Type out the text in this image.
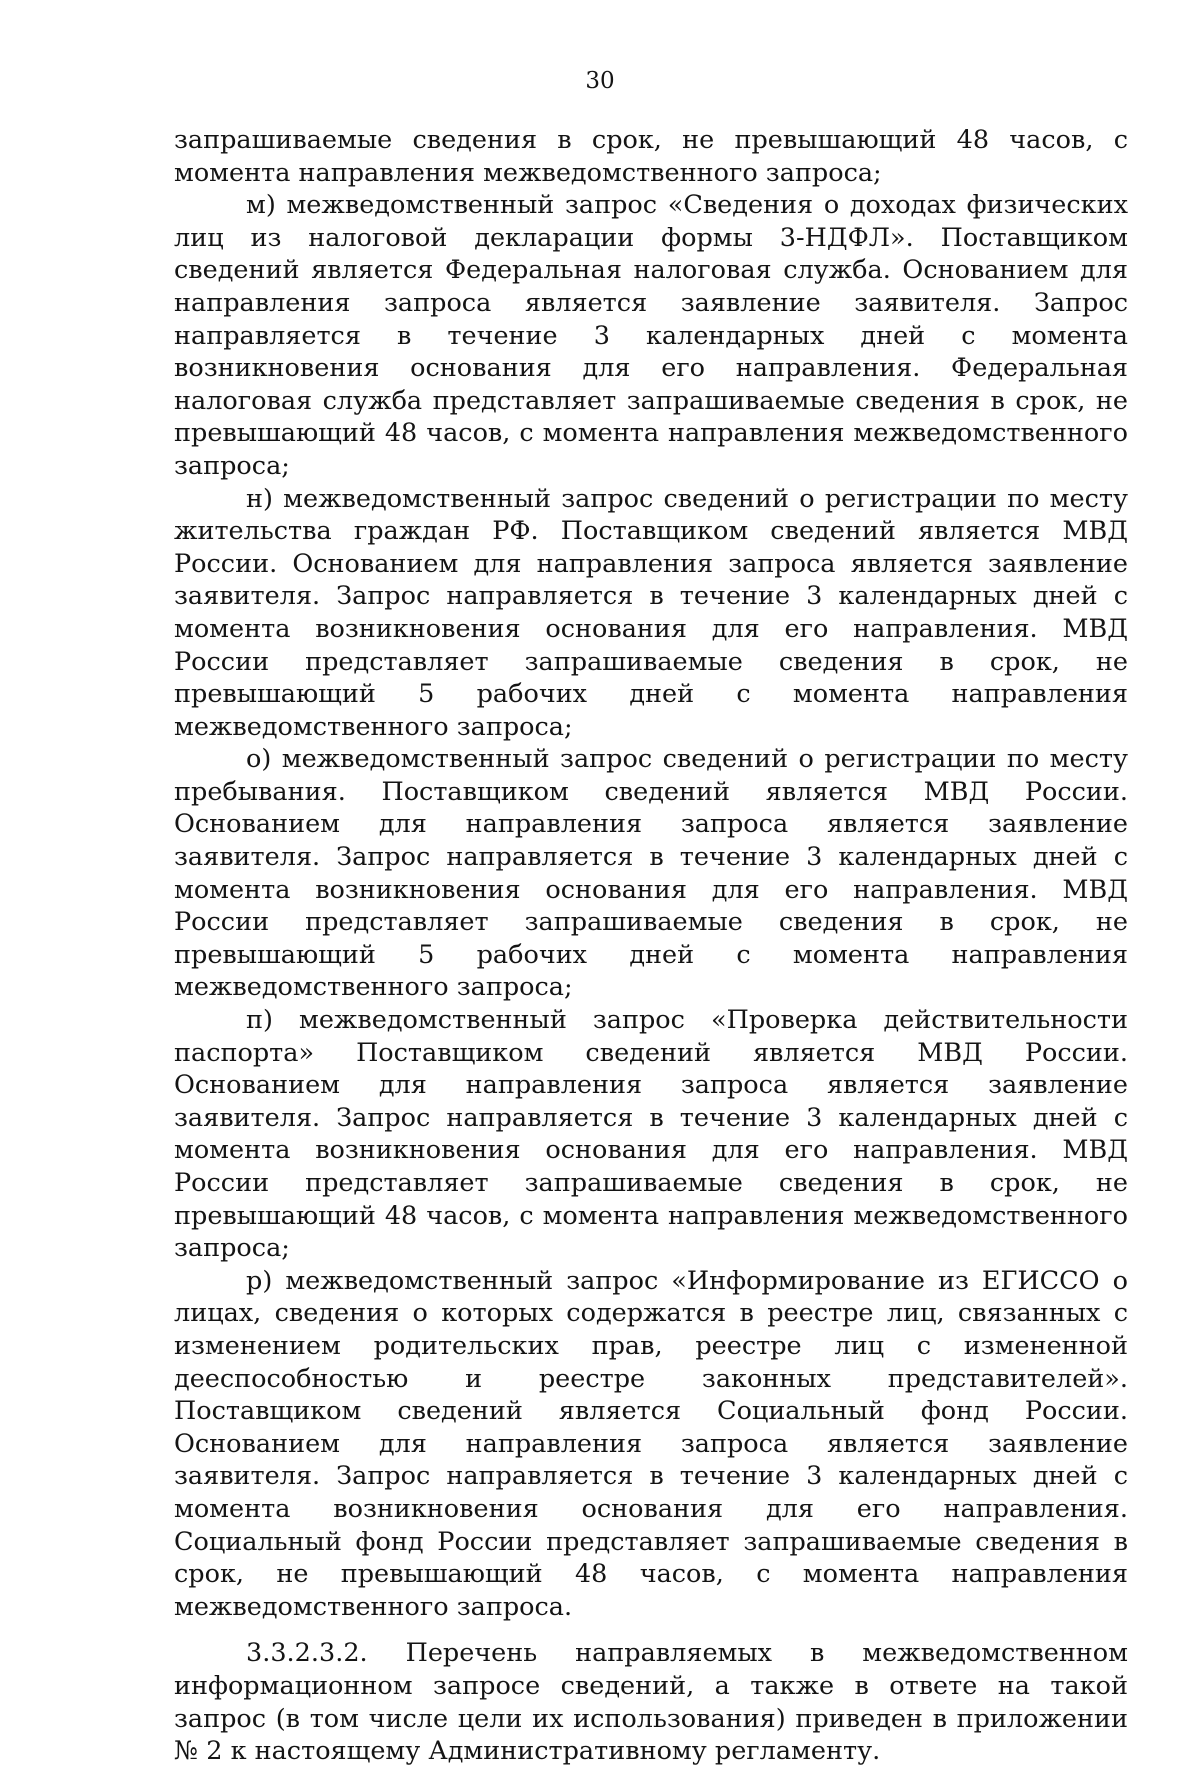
30

запрашиваемые сведения в срок, не превышающий 48 часов, с момента направления межведомственного запроса;

м) межведомственный запрос «Сведения о доходах физических лиц из налоговой декларации формы 3-НДФЛ». Поставщиком сведений является Федеральная налоговая служба. Основанием для направления запроса является заявление заявителя. Запрос направляется в течение 3 календарных дней с момента возникновения основания для его направления. Федеральная налоговая служба представляет запрашиваемые сведения в срок, не превышающий 48 часов, с момента направления межведомственного запроса;

н) межведомственный запрос сведений о регистрации по месту жительства граждан РФ. Поставщиком сведений является МВД России. Основанием для направления запроса является заявление заявителя. Запрос направляется в течение 3 календарных дней с момента возникновения основания для его направления. МВД России представляет запрашиваемые сведения в срок, не превышающий 5 рабочих дней с момента направления межведомственного запроса;

о) межведомственный запрос сведений о регистрации по месту пребывания. Поставщиком сведений является МВД России. Основанием для направления запроса является заявление заявителя. Запрос направляется в течение 3 календарных дней с момента возникновения основания для его направления. МВД России представляет запрашиваемые сведения в срок, не превышающий 5 рабочих дней с момента направления межведомственного запроса;

п) межведомственный запрос «Проверка действительности паспорта» Поставщиком сведений является МВД России. Основанием для направления запроса является заявление заявителя. Запрос направляется в течение 3 календарных дней с момента возникновения основания для его направления. МВД России представляет запрашиваемые сведения в срок, не превышающий 48 часов, с момента направления межведомственного запроса;

р) межведомственный запрос «Информирование из ЕГИССО о лицах, сведения о которых содержатся в реестре лиц, связанных с изменением родительских прав, реестре лиц с измененной дееспособностью и реестре законных представителей». Поставщиком сведений является Социальный фонд России. Основанием для направления запроса является заявление заявителя. Запрос направляется в течение 3 календарных дней с момента возникновения основания для его направления. Социальный фонд России представляет запрашиваемые сведения в срок, не превышающий 48 часов, с момента направления межведомственного запроса.

3.3.2.3.2. Перечень направляемых в межведомственном информационном запросе сведений, а также в ответе на такой запрос (в том числе цели их использования) приведен в приложении № 2 к настоящему Административному регламенту.
